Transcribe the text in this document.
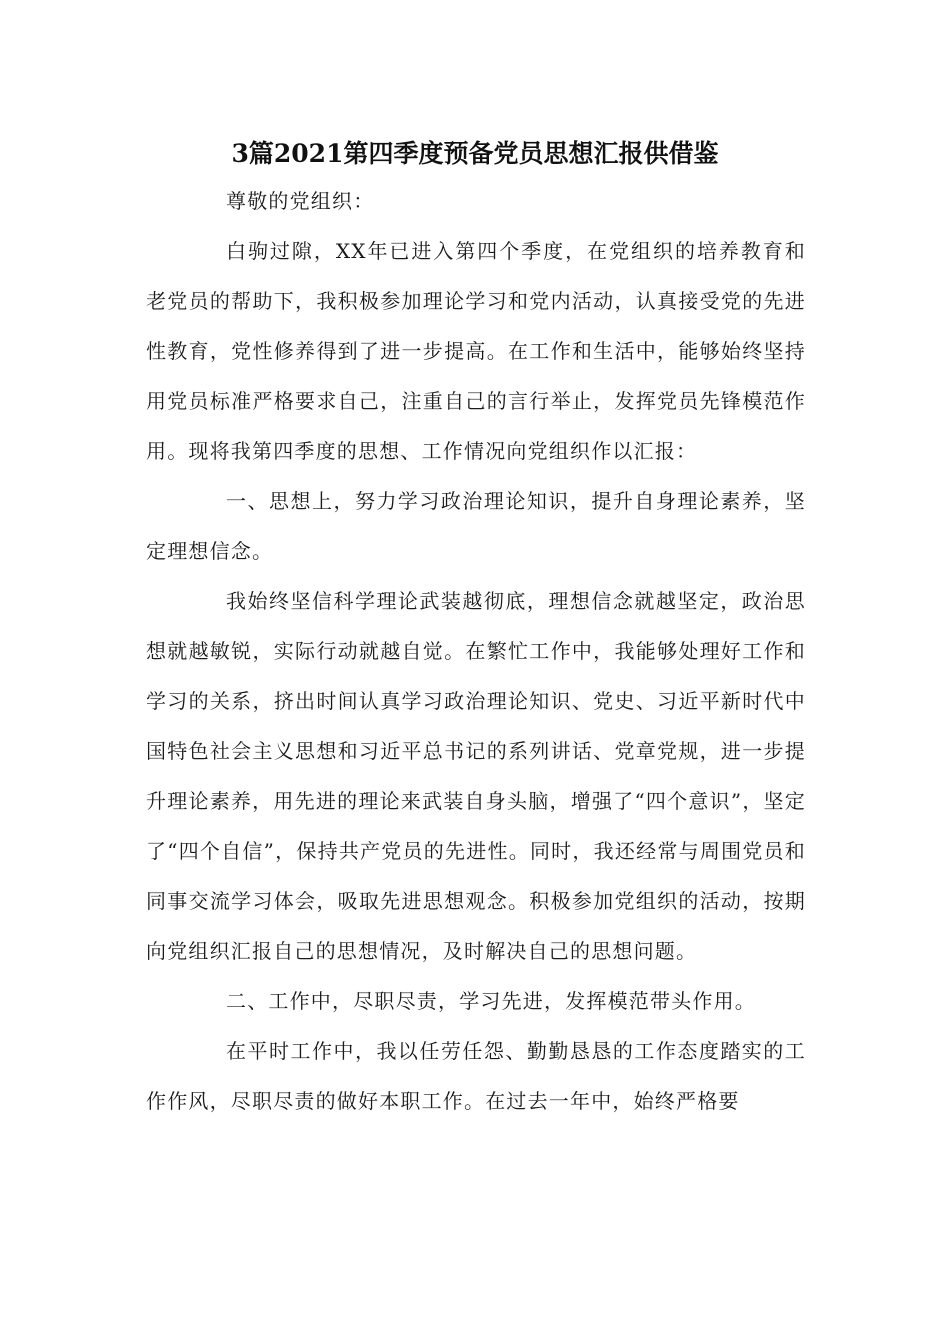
3篇2021第四季度预备党员思想汇报供借鉴

尊敬的党组织：

白驹过隙，XX年已进入第四个季度，在党组织的培养教育和老党员的帮助下，我积极参加理论学习和党内活动，认真接受党的先进性教育，党性修养得到了进一步提高。在工作和生活中，能够始终坚持用党员标准严格要求自己，注重自己的言行举止，发挥党员先锋模范作用。现将我第四季度的思想、工作情况向党组织作以汇报：

一、思想上，努力学习政治理论知识，提升自身理论素养，坚定理想信念。

我始终坚信科学理论武装越彻底，理想信念就越坚定，政治思想就越敏锐，实际行动就越自觉。在繁忙工作中，我能够处理好工作和学习的关系，挤出时间认真学习政治理论知识、党史、习近平新时代中国特色社会主义思想和习近平总书记的系列讲话、党章党规，进一步提升理论素养，用先进的理论来武装自身头脑，增强了“四个意识”，坚定了“四个自信”，保持共产党员的先进性。同时，我还经常与周围党员和同事交流学习体会，吸取先进思想观念。积极参加党组织的活动，按期向党组织汇报自己的思想情况，及时解决自己的思想问题。

二、工作中，尽职尽责，学习先进，发挥模范带头作用。

在平时工作中，我以任劳任怨、勤勤恳恳的工作态度踏实的工作作风，尽职尽责的做好本职工作。在过去一年中，始终严格要
